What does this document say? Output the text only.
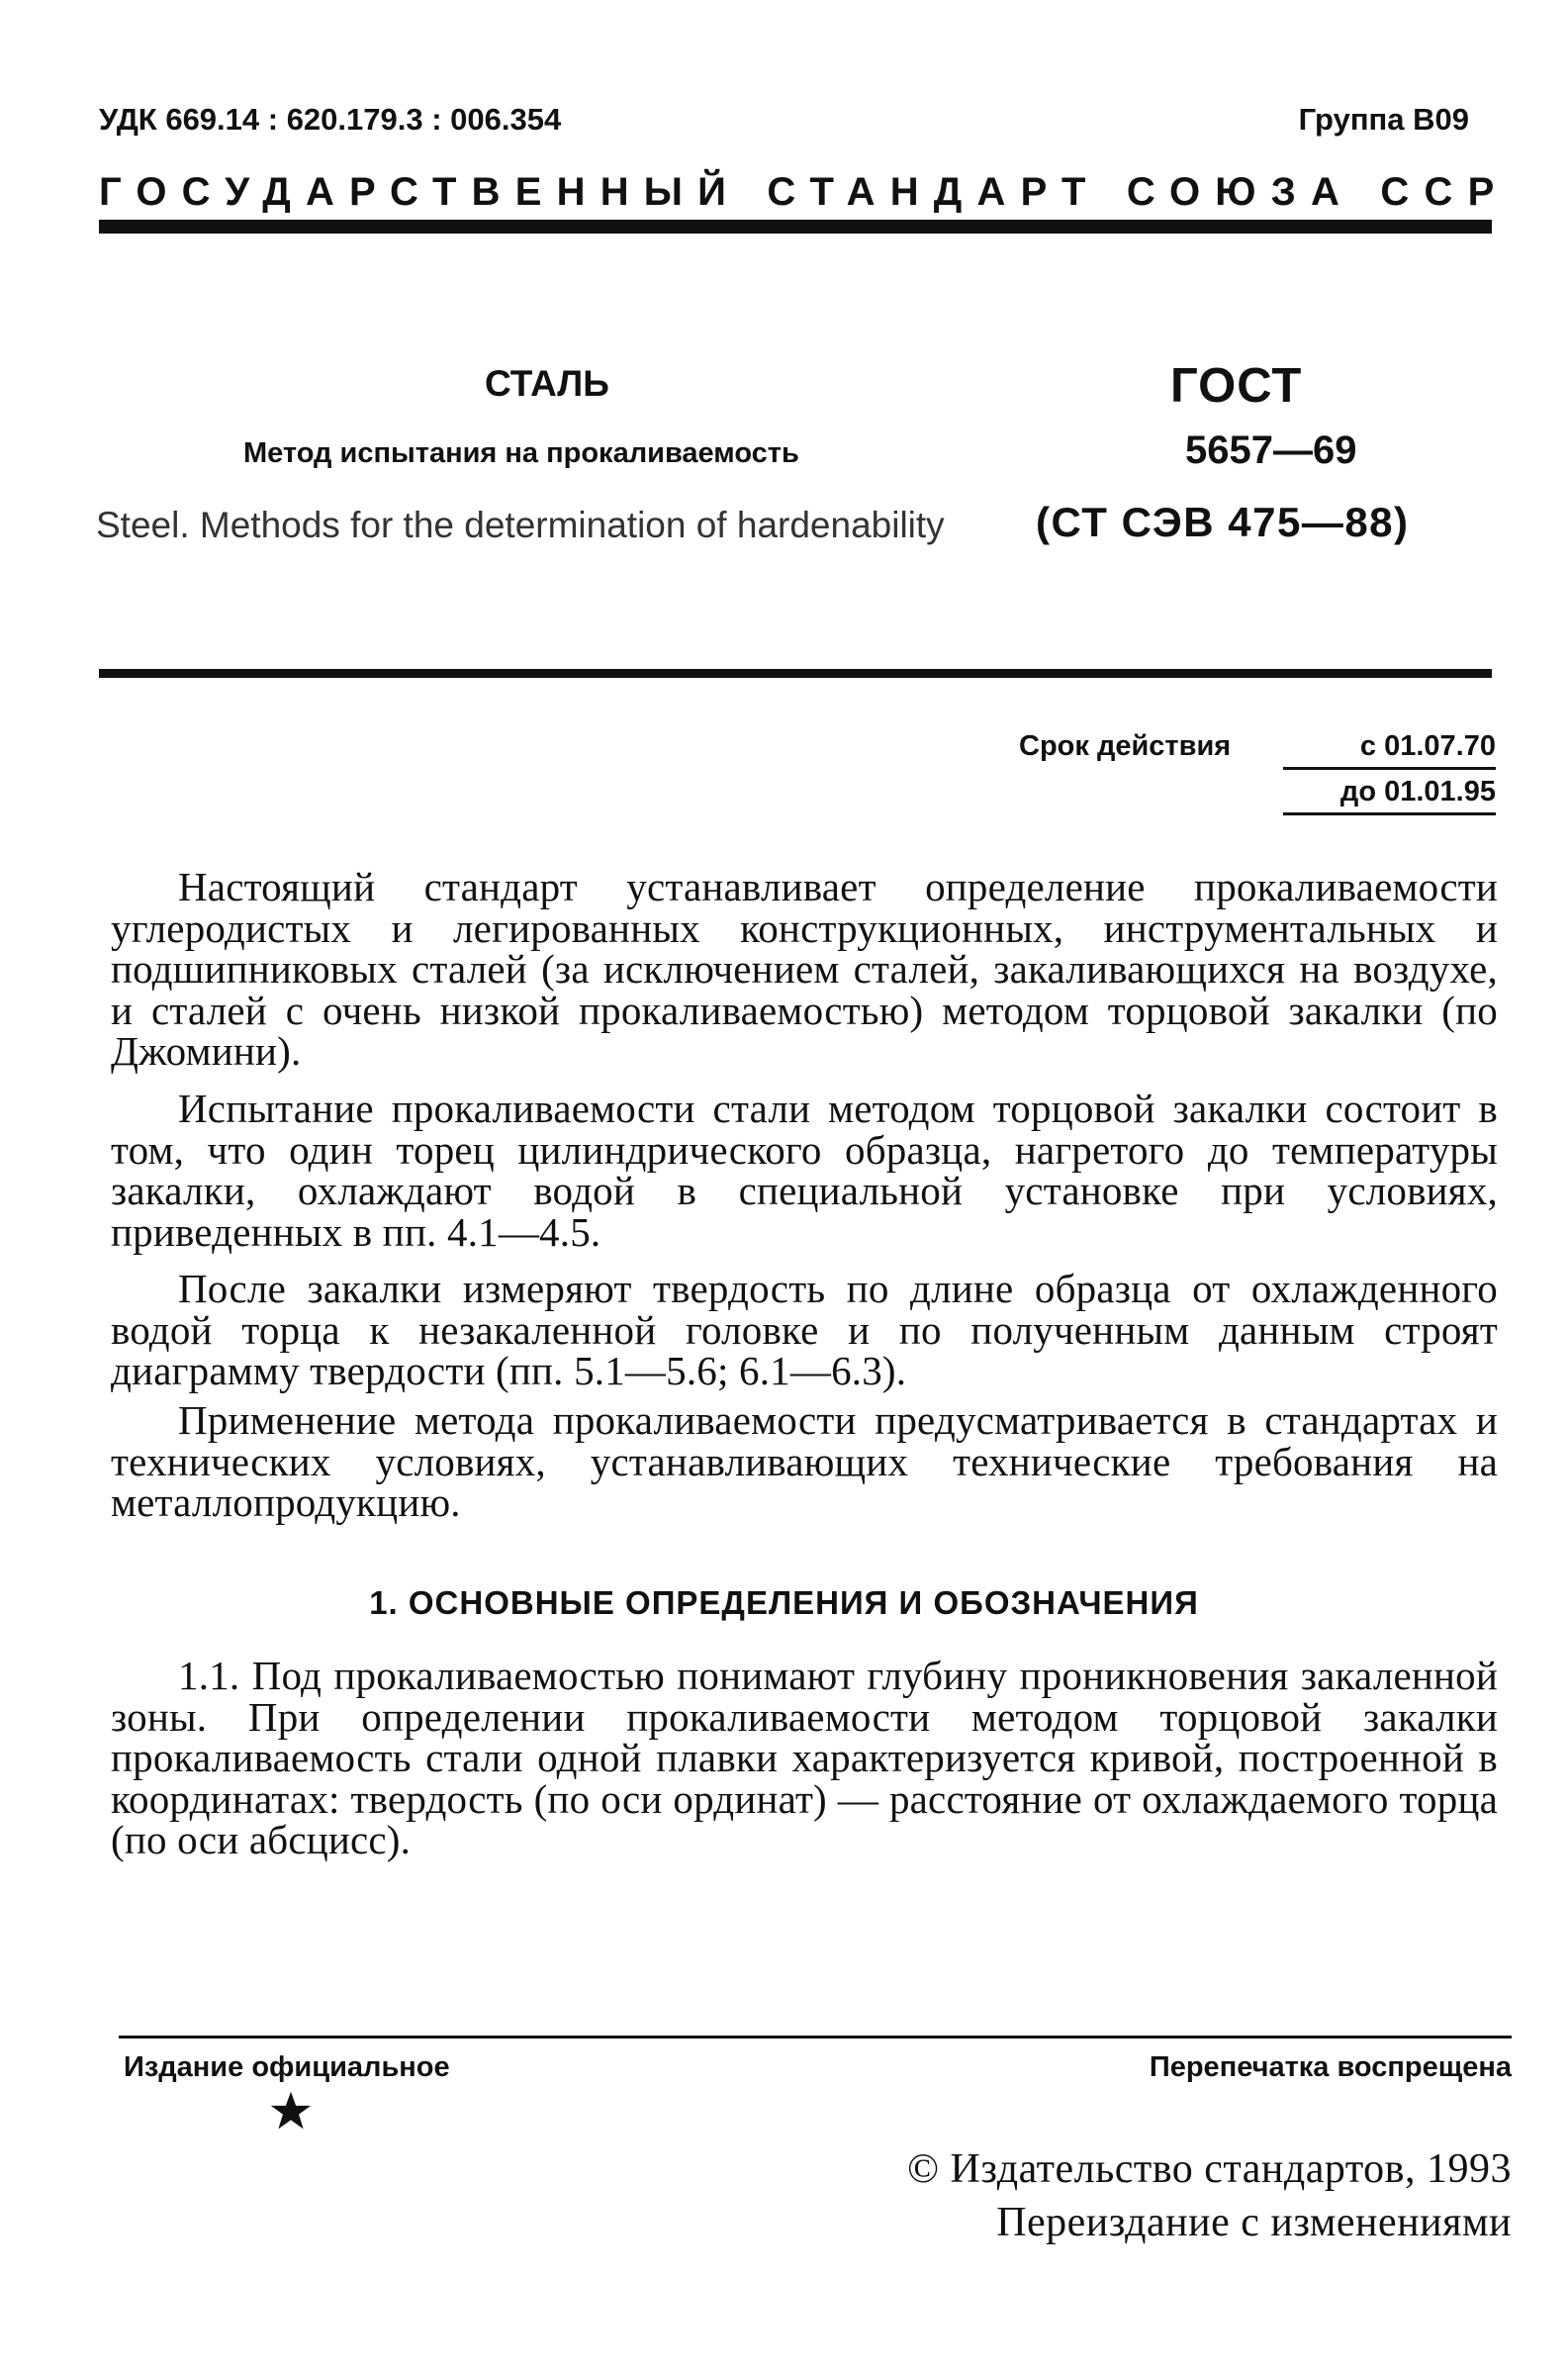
УДК 669.14 : 620.179.3 : 006.354	Группа В09
ГОСУДАРСТВЕННЫЙ СТАНДАРТ СОЮЗА ССР
СТАЛЬ
Метод испытания на прокаливаемость
Steel. Methods for the determination of hardenability
ГОСТ
5657—69
(СТ СЭВ 475—88)
Срок действия	с 01.07.70
до 01.01.95

Настоящий стандарт устанавливает определение прокаливаемости углеродистых и легированных конструкционных, инструментальных и подшипниковых сталей (за исключением сталей, закаливающихся на воздухе, и сталей с очень низкой прокаливаемостью) методом торцовой закалки (по Джомини).

Испытание прокаливаемости стали методом торцовой закалки состоит в том, что один торец цилиндрического образца, нагретого до температуры закалки, охлаждают водой в специальной установке при условиях, приведенных в пп. 4.1—4.5.

После закалки измеряют твердость по длине образца от охлажденного водой торца к незакаленной головке и по полученным данным строят диаграмму твердости (пп. 5.1—5.6; 6.1—6.3).

Применение метода прокаливаемости предусматривается в стандартах и технических условиях, устанавливающих технические требования на металлопродукцию.

1. ОСНОВНЫЕ ОПРЕДЕЛЕНИЯ И ОБОЗНАЧЕНИЯ

1.1. Под прокаливаемостью понимают глубину проникновения закаленной зоны. При определении прокаливаемости методом торцовой закалки прокаливаемость стали одной плавки характеризуется кривой, построенной в координатах: твердость (по оси ординат) — расстояние от охлаждаемого торца (по оси абсцисс).

Издание официальное	Перепечатка воспрещена
© Издательство стандартов, 1993
Переиздание с изменениями
